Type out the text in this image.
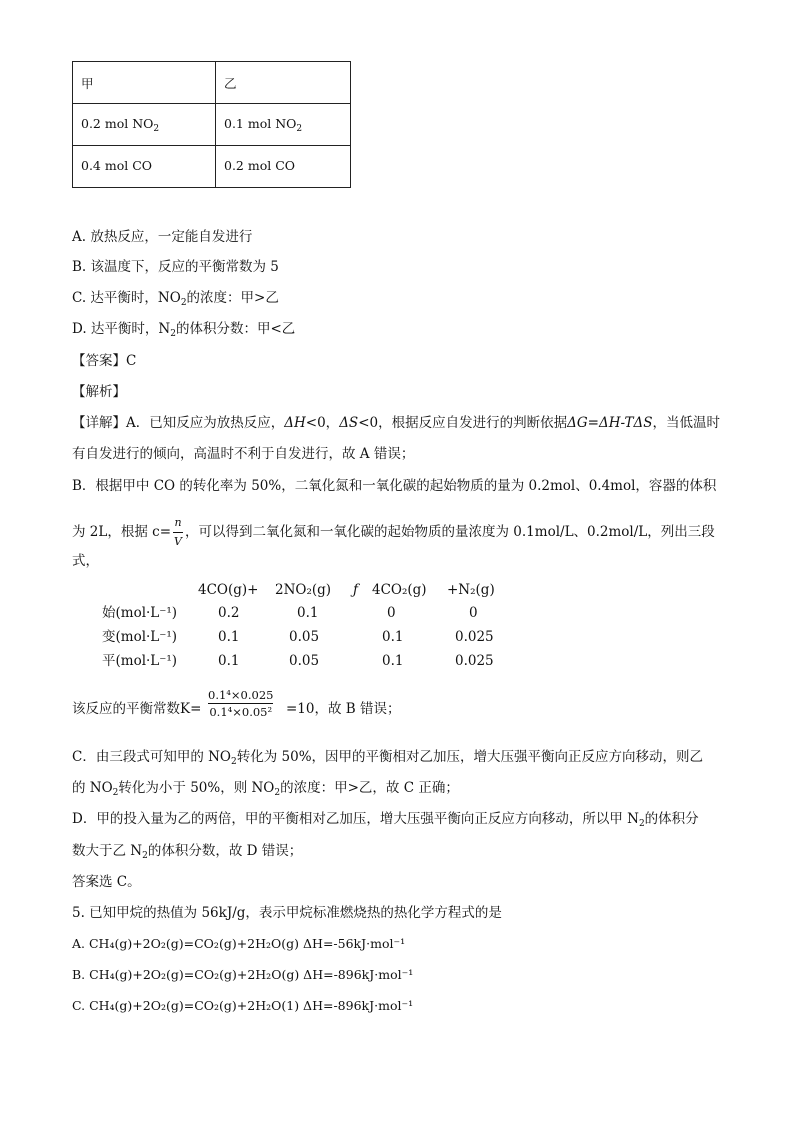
甲	乙
0.2 mol $NO_2$	0.1 mol $NO_2$
0.4 mol CO	0.2 mol CO
A. 放热反应，一定能自发进行
B. 该温度下，反应的平衡常数为 5
C. 达平衡时，$NO_2$的浓度：甲>乙
D. 达平衡时，$N_2$的体积分数：甲<乙
【答案】C
【解析】
【详解】A．已知反应为放热反应，ΔH<0，ΔS<0，根据反应自发进行的判断依据ΔG=ΔH-TΔS，当低温时
有自发进行的倾向，高温时不利于自发进行，故 A 错误；
B．根据甲中 CO 的转化率为 50%，二氧化氮和一氧化碳的起始物质的量为 0.2mol、0.4mol，容器的体积
为 2L，根据 $c= \frac{n}{V}$ ，可以得到二氧化氮和一氧化碳的起始物质的量浓度为 0.1mol/L、0.2mol/L，列出三段
式，
4CO(g)+ 2NO₂(g) ƒ 4CO₂(g) +N₂(g)
始(mol·L⁻¹)	0.2	0.1	0	0
变(mol·L⁻¹)	0.1	0.05	0.1	0.025
平(mol·L⁻¹)	0.1	0.05	0.1	0.025
该反应的平衡常数K=
0.1⁴×0.025
0.1⁴×0.05² =10，故 B 错误；
C．由三段式可知甲的 $NO_2$转化为 50%，因甲的平衡相对乙加压，增大压强平衡向正反应方向移动，则乙
的 $NO_2$转化为小于 50%，则 $NO_2$的浓度：甲>乙，故 C 正确；
D．甲的投入量为乙的两倍，甲的平衡相对乙加压，增大压强平衡向正反应方向移动，所以甲 $N_2$的体积分
数大于乙 $N_2$的体积分数，故 D 错误；
答案选 C。
5. 已知甲烷的热值为 56kJ/g，表示甲烷标准燃烧热的热化学方程式的是
A. CH₄(g)+2O₂(g)=CO₂(g)+2H₂O(g) ΔH=-56kJ·mol⁻¹
B. CH₄(g)+2O₂(g)=CO₂(g)+2H₂O(g) ΔH=-896kJ·mol⁻¹
C. CH₄(g)+2O₂(g)=CO₂(g)+2H₂O(1) ΔH=-896kJ·mol⁻¹
